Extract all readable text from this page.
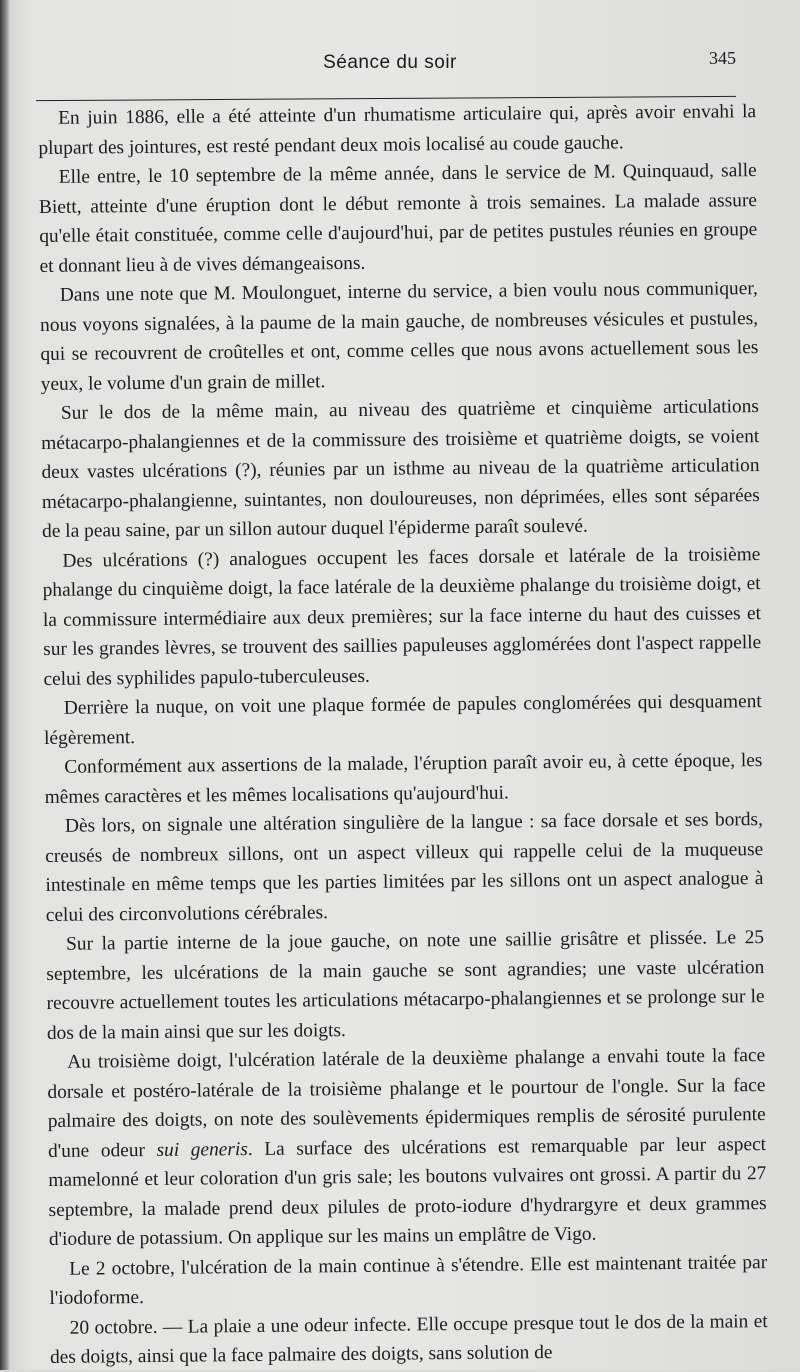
Séance du soir	345

En juin 1886, elle a été atteinte d'un rhumatisme articulaire qui, après avoir envahi la plupart des jointures, est resté pendant deux mois localisé au coude gauche.

Elle entre, le 10 septembre de la même année, dans le service de M. Quinquaud, salle Biett, atteinte d'une éruption dont le début remonte à trois semaines. La malade assure qu'elle était constituée, comme celle d'aujourd'hui, par de petites pustules réunies en groupe et donnant lieu à de vives démangeaisons.

Dans une note que M. Moulonguet, interne du service, a bien voulu nous communiquer, nous voyons signalées, à la paume de la main gauche, de nombreuses vésicules et pustules, qui se recouvrent de croûtelles et ont, comme celles que nous avons actuellement sous les yeux, le volume d'un grain de millet.

Sur le dos de la même main, au niveau des quatrième et cinquième articulations métacarpo-phalangiennes et de la commissure des troisième et quatrième doigts, se voient deux vastes ulcérations (?), réunies par un isthme au niveau de la quatrième articulation métacarpo-phalangienne, suintantes, non douloureuses, non déprimées, elles sont séparées de la peau saine, par un sillon autour duquel l'épiderme paraît soulevé.

Des ulcérations (?) analogues occupent les faces dorsale et latérale de la troisième phalange du cinquième doigt, la face latérale de la deuxième phalange du troisième doigt, et la commissure intermédiaire aux deux premières; sur la face interne du haut des cuisses et sur les grandes lèvres, se trouvent des saillies papuleuses agglomérées dont l'aspect rappelle celui des syphilides papulo-tuberculeuses.

Derrière la nuque, on voit une plaque formée de papules conglomérées qui desquament légèrement.

Conformément aux assertions de la malade, l'éruption paraît avoir eu, à cette époque, les mêmes caractères et les mêmes localisations qu'aujourd'hui.

Dès lors, on signale une altération singulière de la langue : sa face dorsale et ses bords, creusés de nombreux sillons, ont un aspect villeux qui rappelle celui de la muqueuse intestinale en même temps que les parties limitées par les sillons ont un aspect analogue à celui des circonvolutions cérébrales.

Sur la partie interne de la joue gauche, on note une saillie grisâtre et plissée. Le 25 septembre, les ulcérations de la main gauche se sont agrandies; une vaste ulcération recouvre actuellement toutes les articulations métacarpo-phalangiennes et se prolonge sur le dos de la main ainsi que sur les doigts.

Au troisième doigt, l'ulcération latérale de la deuxième phalange a envahi toute la face dorsale et postéro-latérale de la troisième phalange et le pourtour de l'ongle. Sur la face palmaire des doigts, on note des soulèvements épidermiques remplis de sérosité purulente d'une odeur sui generis. La surface des ulcérations est remarquable par leur aspect mamelonné et leur coloration d'un gris sale; les boutons vulvaires ont grossi. A partir du 27 septembre, la malade prend deux pilules de proto-iodure d'hydrargyre et deux grammes d'iodure de potassium. On applique sur les mains un emplâtre de Vigo.

Le 2 octobre, l'ulcération de la main continue à s'étendre. Elle est maintenant traitée par l'iodoforme.

20 octobre. — La plaie a une odeur infecte. Elle occupe presque tout le dos de la main et des doigts, ainsi que la face palmaire des doigts, sans solution de
